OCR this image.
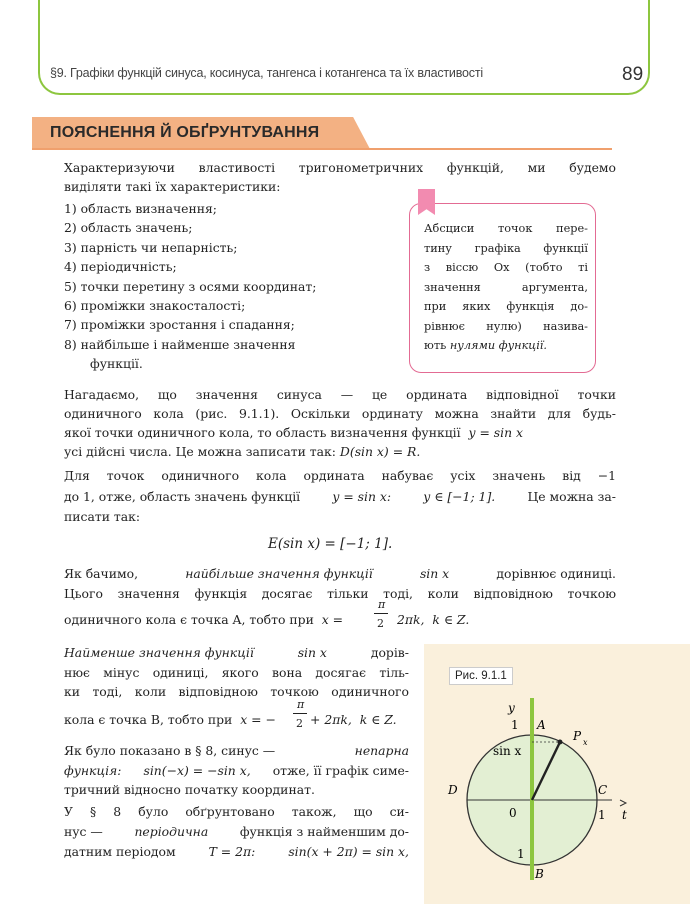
§9. Графіки функцій синуса, косинуса, тангенса і котангенса та їх властивості	89
ПОЯСНЕННЯ Й ОБҐРУНТУВАННЯ

Характеризуючи властивості тригонометричних функцій, ми будемо

виділяти такі їх характеристики:

1) область визначення;
2) область значень;
3) парність чи непарність;
4) періодичність;
5) точки перетину з осями координат;
6) проміжки знакосталості;
7) проміжки зростання і спадання;
8) найбільше і найменше значення
функції.
Абсциси точок пере-
тину графіка функції
з віссю Ox (тобто ті
значення аргумента,
при яких функція до-
рівнює нулю) назива-
ють нулями функції.

Нагадаємо, що значення синуса — це ордината відповідної точки

одиничного кола (рис. 9.1.1). Оскільки ординату можна знайти для будь-

якої точки одиничного кола, то область визначення функції y = sin x

усі дійсні числа. Це можна записати так: D(sin x) = R.

Для точок одиничного кола ордината набуває усіх значень від −1

до 1, отже, область значень функції	y = sin x:	y ∈ [−1; 1].	Це можна за-

писати так:

E(sin x) = [−1; 1].

Як бачимо,	найбільше значення функції	sin x	дорівнює одиниці.

Цього значення функція досягає тільки тоді, коли відповідною точкою

одиничного кола є точка A, тобто при x =

π
2 2πk, k ∈ Z.

Рис. 9.1.1
y
1 A
P x
sin x
D	C
t
0	1
1
B

Найменше значення функції	sin x	дорів-

нює мінус одиниці, якого вона досягає тіль-

ки тоді, коли відповідною точкою одиничного

кола є точка B, тобто при x = −

π
2 + 2πk, k ∈ Z.

Як було показано в § 8, синус —	непарна

функція: sin(−x) = −sin x, отже, її графік симе-

тричний відносно початку координат.

У § 8 було обґрунтовано також, що си-

нус —	періодична	функція з найменшим до-

датним періодом	T = 2π:	sin(x + 2π) = sin x,
